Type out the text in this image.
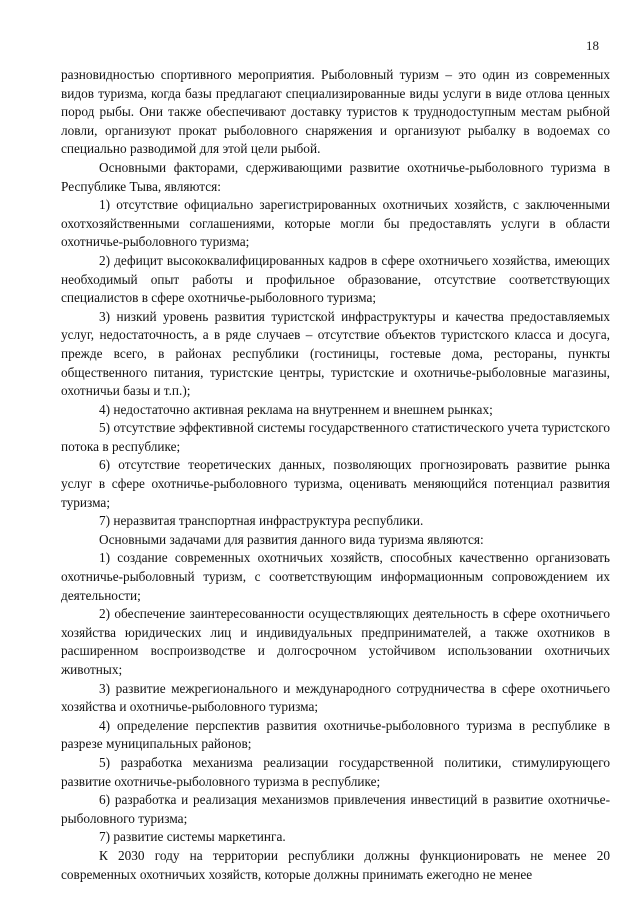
18

разновидностью спортивного мероприятия. Рыболовный туризм – это один из современных видов туризма, когда базы предлагают специализированные виды услуги в виде отлова ценных пород рыбы. Они также обеспечивают доставку туристов к труднодоступным местам рыбной ловли, организуют прокат рыболовного снаряжения и организуют рыбалку в водоемах со специально разводимой для этой цели рыбой.

Основными факторами, сдерживающими развитие охотничье-рыболовного туризма в Республике Тыва, являются:

1) отсутствие официально зарегистрированных охотничьих хозяйств, с заключенными охотхозяйственными соглашениями, которые могли бы предоставлять услуги в области охотничье-рыболовного туризма;

2) дефицит высококвалифицированных кадров в сфере охотничьего хозяйства, имеющих необходимый опыт работы и профильное образование, отсутствие соответствующих специалистов в сфере охотничье-рыболовного туризма;

3) низкий уровень развития туристской инфраструктуры и качества предоставляемых услуг, недостаточность, а в ряде случаев – отсутствие объектов туристского класса и досуга, прежде всего, в районах республики (гостиницы, гостевые дома, рестораны, пункты общественного питания, туристские центры, туристские и охотничье-рыболовные магазины, охотничьи базы и т.п.);

4) недостаточно активная реклама на внутреннем и внешнем рынках;

5) отсутствие эффективной системы государственного статистического учета туристского потока в республике;

6) отсутствие теоретических данных, позволяющих прогнозировать развитие рынка услуг в сфере охотничье-рыболовного туризма, оценивать меняющийся потенциал развития туризма;

7) неразвитая транспортная инфраструктура республики.

Основными задачами для развития данного вида туризма являются:

1) создание современных охотничьих хозяйств, способных качественно организовать охотничье-рыболовный туризм, с соответствующим информационным сопровождением их деятельности;

2) обеспечение заинтересованности осуществляющих деятельность в сфере охотничьего хозяйства юридических лиц и индивидуальных предпринимателей, а также охотников в расширенном воспроизводстве и долгосрочном устойчивом использовании охотничьих животных;

3) развитие межрегионального и международного сотрудничества в сфере охотничьего хозяйства и охотничье-рыболовного туризма;

4) определение перспектив развития охотничье-рыболовного туризма в республике в разрезе муниципальных районов;

5) разработка механизма реализации государственной политики, стимулирующего развитие охотничье-рыболовного туризма в республике;

6) разработка и реализация механизмов привлечения инвестиций в развитие охотничье-рыболовного туризма;

7) развитие системы маркетинга.

К 2030 году на территории республики должны функционировать не менее 20 современных охотничьих хозяйств, которые должны принимать ежегодно не менее
